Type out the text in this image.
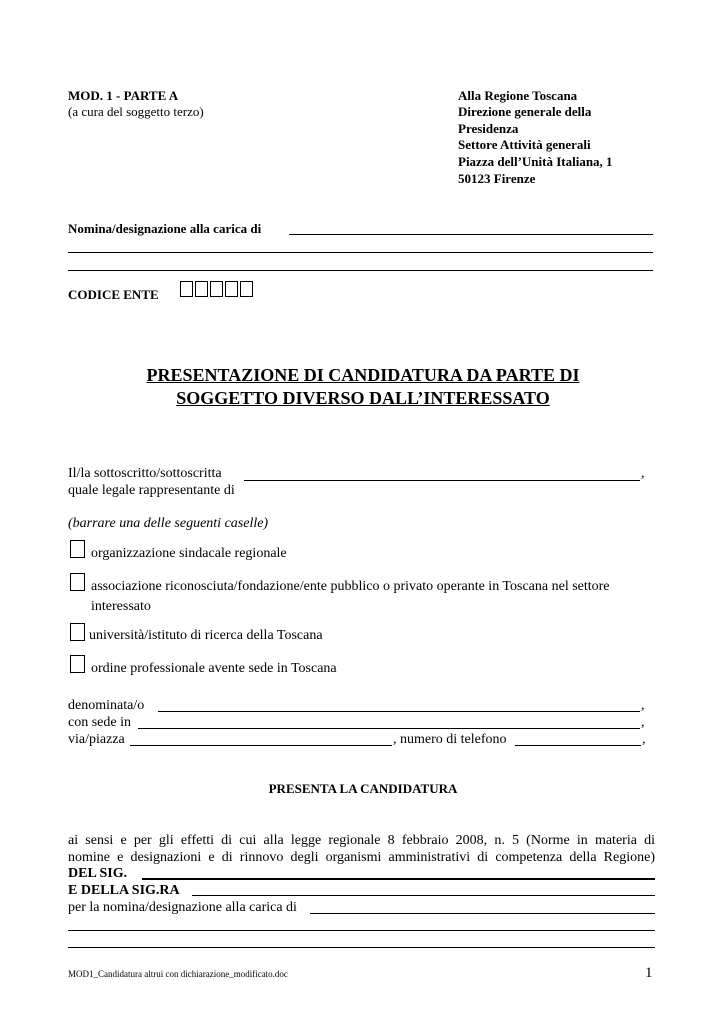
MOD. 1 - PARTE A
(a cura del soggetto terzo)
Alla Regione Toscana
Direzione generale della
Presidenza
Settore Attività generali
Piazza dell’Unità Italiana, 1
50123 Firenze
Nomina/designazione alla carica di
CODICE ENTE
PRESENTAZIONE DI CANDIDATURA DA PARTE DI
SOGGETTO DIVERSO DALL’INTERESSATO
Il/la sottoscritto/sottoscritta	,
quale legale rappresentante di
(barrare una delle seguenti caselle)
organizzazione sindacale regionale
associazione riconosciuta/fondazione/ente pubblico o privato operante in Toscana nel settore
interessato
università/istituto di ricerca della Toscana
ordine professionale avente sede in Toscana
denominata/o	,
con sede in	,
via/piazza	, numero di telefono	,
PRESENTA LA CANDIDATURA
ai sensi e per gli effetti di cui alla legge regionale 8 febbraio 2008, n. 5 (Norme in materia di
nomine e designazioni e di rinnovo degli organismi amministrativi di competenza della Regione)
DEL SIG.
E DELLA SIG.RA
per la nomina/designazione alla carica di
MOD1_Candidatura altrui con dichiarazione_modificato.doc	1
